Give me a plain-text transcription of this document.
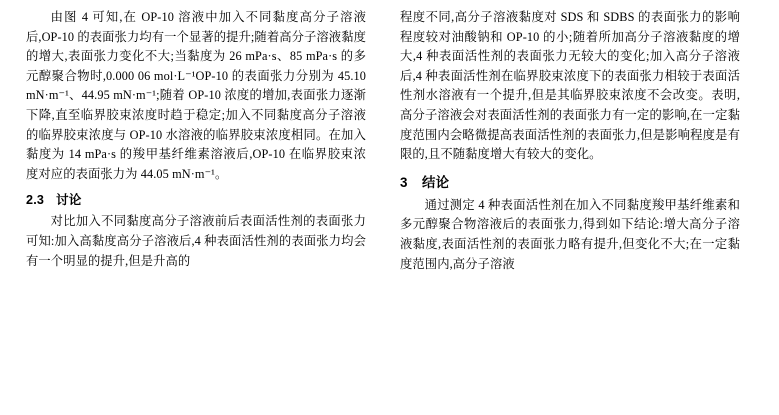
由图 4 可知,在 OP-10 溶液中加入不同黏度高分子溶液后,OP-10 的表面张力均有一个显著的提升;随着高分子溶液黏度的增大,表面张力变化不大;当黏度为 26 mPa·s、85 mPa·s 的多元醇聚合物时,0.000 06 mol·L⁻¹OP-10 的表面张力分别为 45.10 mN·m⁻¹、44.95 mN·m⁻¹;随着 OP-10 浓度的增加,表面张力逐渐下降,直至临界胶束浓度时趋于稳定;加入不同黏度高分子溶液的临界胶束浓度与 OP-10 水溶液的临界胶束浓度相同。在加入黏度为 14 mPa·s 的羧甲基纤维素溶液后,OP-10 在临界胶束浓度对应的表面张力为 44.05 mN·m⁻¹。

2.3 讨论

对比加入不同黏度高分子溶液前后表面活性剂的表面张力可知:加入高黏度高分子溶液后,4 种表面活性剂的表面张力均会有一个明显的提升,但是升高的

程度不同,高分子溶液黏度对 SDS 和 SDBS 的表面张力的影响程度较对油酸钠和 OP-10 的小;随着所加高分子溶液黏度的增大,4 种表面活性剂的表面张力无较大的变化;加入高分子溶液后,4 种表面活性剂在临界胶束浓度下的表面张力相较于表面活性剂水溶液有一个提升,但是其临界胶束浓度不会改变。表明,高分子溶液会对表面活性剂的表面张力有一定的影响,在一定黏度范围内会略微提高表面活性剂的表面张力,但是影响程度是有限的,且不随黏度增大有较大的变化。

3 结论

通过测定 4 种表面活性剂在加入不同黏度羧甲基纤维素和多元醇聚合物溶液后的表面张力,得到如下结论:增大高分子溶液黏度,表面活性剂的表面张力略有提升,但变化不大;在一定黏度范围内,高分子溶液
